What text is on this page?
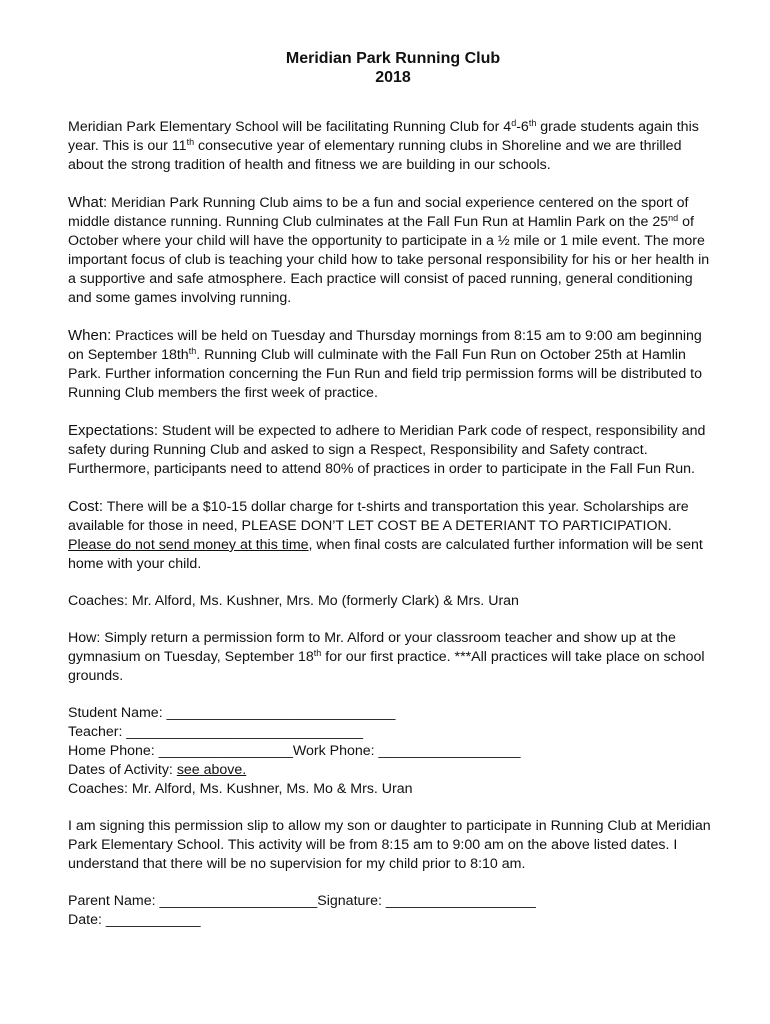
Meridian Park Running Club
2018

Meridian Park Elementary School will be facilitating Running Club for 4$^d$-6th grade students again this year. This is our 11th consecutive year of elementary running clubs in Shoreline and we are thrilled about the strong tradition of health and fitness we are building in our schools.

What: Meridian Park Running Club aims to be a fun and social experience centered on the sport of middle distance running. Running Club culminates at the Fall Fun Run at Hamlin Park on the 25nd of October where your child will have the opportunity to participate in a ½ mile or 1 mile event. The more important focus of club is teaching your child how to take personal responsibility for his or her health in a supportive and safe atmosphere. Each practice will consist of paced running, general conditioning and some games involving running.

When: Practices will be held on Tuesday and Thursday mornings from 8:15 am to 9:00 am beginning on September $18th^{th}$. Running Club will culminate with the Fall Fun Run on October 25th at Hamlin Park. Further information concerning the Fun Run and field trip permission forms will be distributed to Running Club members the first week of practice.

Expectations: Student will be expected to adhere to Meridian Park code of respect, responsibility and safety during Running Club and asked to sign a Respect, Responsibility and Safety contract. Furthermore, participants need to attend 80% of practices in order to participate in the Fall Fun Run.

Cost: There will be a $10-15 dollar charge for t-shirts and transportation this year. Scholarships are available for those in need, PLEASE DON’T LET COST BE A DETERIANT TO PARTICIPATION. Please do not send money at this time, when final costs are calculated further information will be sent home with your child.

Coaches: Mr. Alford, Ms. Kushner, Mrs. Mo (formerly Clark) & Mrs. Uran

How: Simply return a permission form to Mr. Alford or your classroom teacher and show up at the gymnasium on Tuesday, September 18th for our first practice. ***All practices will take place on school grounds.

Student Name: _____________________________
Teacher: ______________________________
Home Phone: _________________Work Phone: __________________
Dates of Activity: see above.
Coaches: Mr. Alford, Ms. Kushner, Ms. Mo & Mrs. Uran

I am signing this permission slip to allow my son or daughter to participate in Running Club at Meridian Park Elementary School. This activity will be from 8:15 am to 9:00 am on the above listed dates. I understand that there will be no supervision for my child prior to 8:10 am.

Parent Name: ____________________Signature: ___________________
Date: ____________
